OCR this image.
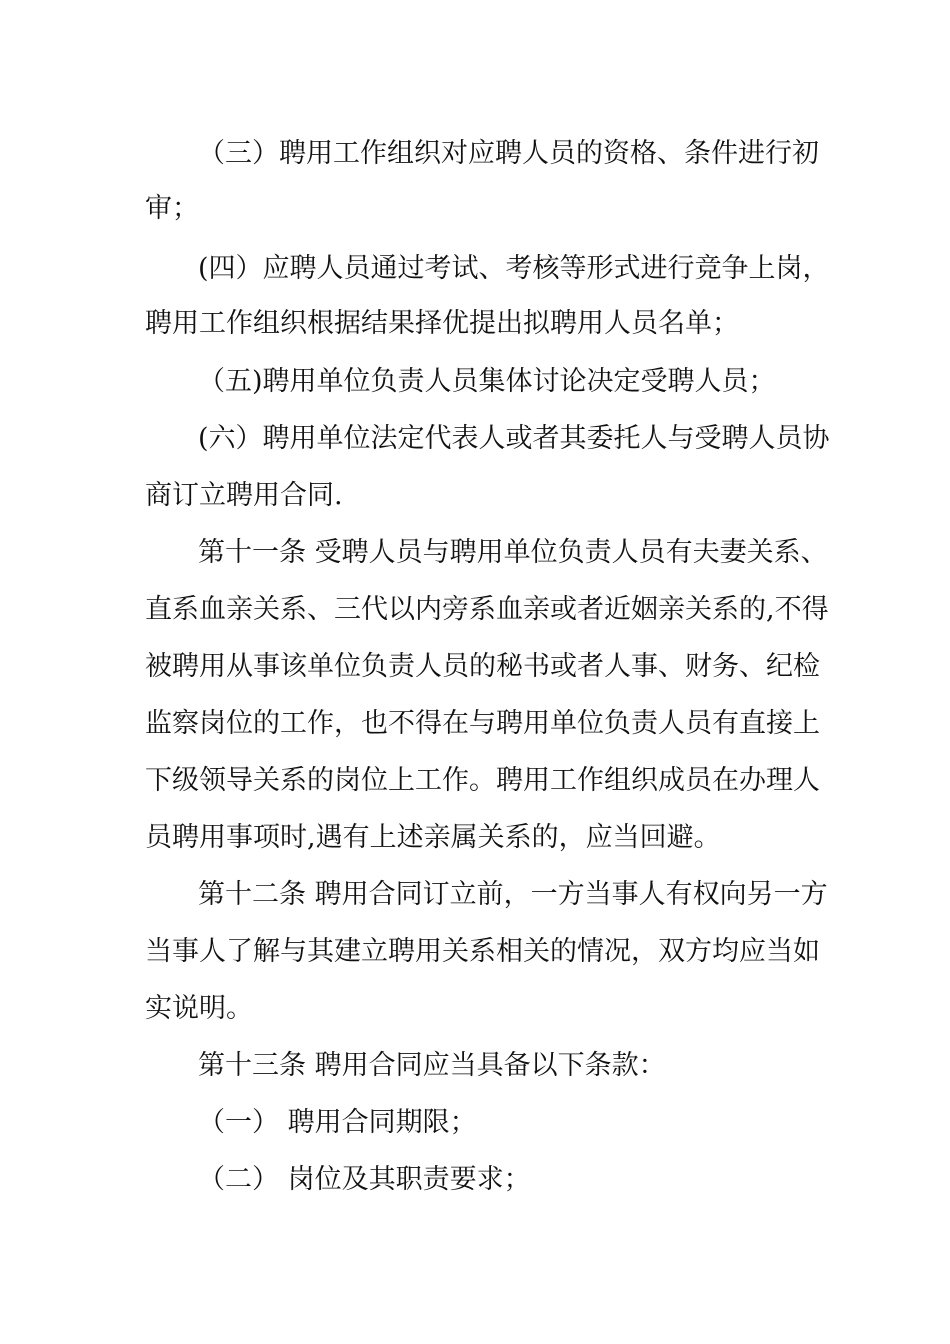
（三）聘用工作组织对应聘人员的资格、条件进行初
审；
(四）应聘人员通过考试、考核等形式进行竞争上岗，
聘用工作组织根据结果择优提出拟聘用人员名单；
（五)聘用单位负责人员集体讨论决定受聘人员；
(六）聘用单位法定代表人或者其委托人与受聘人员协
商订立聘用合同.
第十一条 受聘人员与聘用单位负责人员有夫妻关系、
直系血亲关系、三代以内旁系血亲或者近姻亲关系的,不得
被聘用从事该单位负责人员的秘书或者人事、财务、纪检
监察岗位的工作，也不得在与聘用单位负责人员有直接上
下级领导关系的岗位上工作。聘用工作组织成员在办理人
员聘用事项时,遇有上述亲属关系的，应当回避。
第十二条 聘用合同订立前，一方当事人有权向另一方
当事人了解与其建立聘用关系相关的情况，双方均应当如
实说明。
第十三条 聘用合同应当具备以下条款：
（一） 聘用合同期限；
（二） 岗位及其职责要求；
